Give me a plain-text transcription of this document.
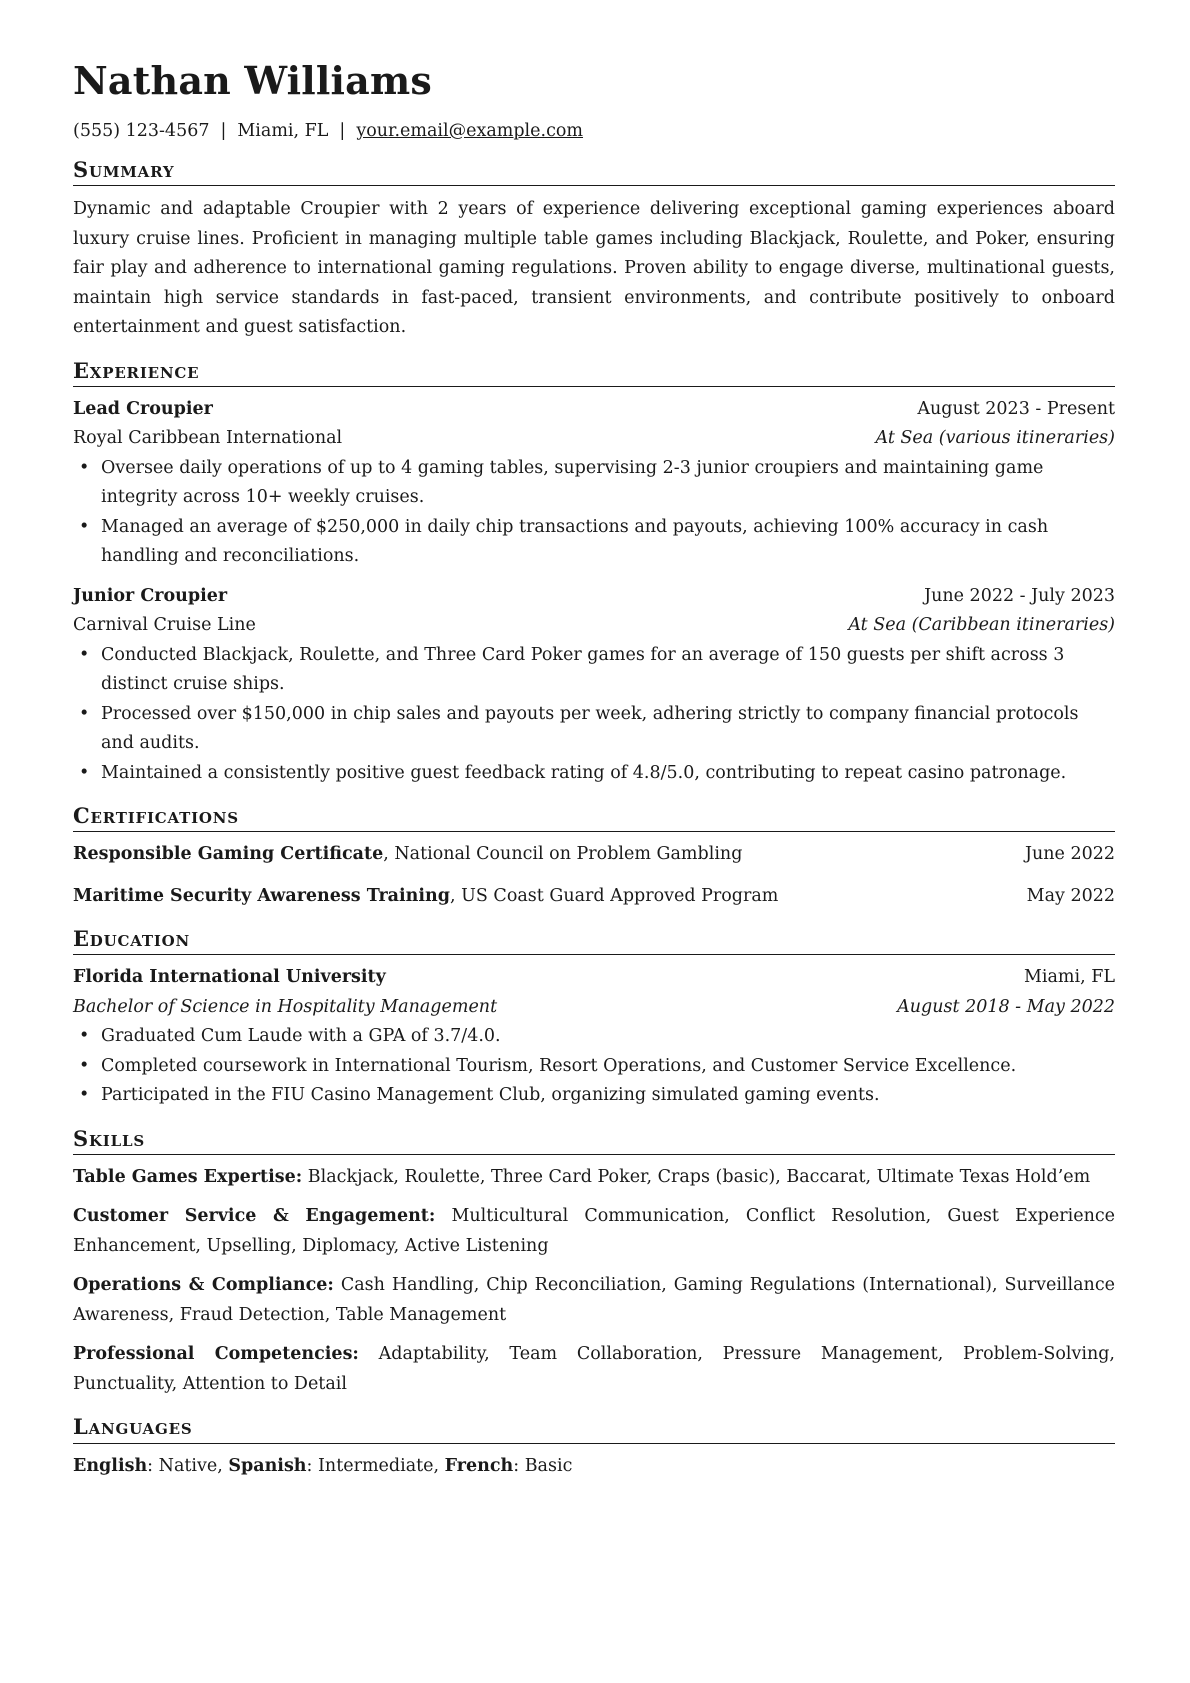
Nathan Williams
(555) 123-4567 | Miami, FL | your.email@example.com
Summary
Dynamic and adaptable Croupier with 2 years of experience delivering exceptional gaming experiences aboard luxury cruise lines. Proficient in managing multiple table games including Blackjack, Roulette, and Poker, ensuring fair play and adherence to international gaming regulations. Proven ability to engage diverse, multinational guests, maintain high service standards in fast-paced, transient environments, and contribute positively to onboard entertainment and guest satisfaction.
Experience
Lead Croupier	August 2023 - Present
Royal Caribbean International	At Sea (various itineraries)
• Oversee daily operations of up to 4 gaming tables, supervising 2-3 junior croupiers and maintaining game integrity across 10+ weekly cruises.
• Managed an average of $250,000 in daily chip transactions and payouts, achieving 100% accuracy in cash handling and reconciliations.
Junior Croupier	June 2022 - July 2023
Carnival Cruise Line	At Sea (Caribbean itineraries)
• Conducted Blackjack, Roulette, and Three Card Poker games for an average of 150 guests per shift across 3 distinct cruise ships.
• Processed over $150,000 in chip sales and payouts per week, adhering strictly to company financial protocols and audits.
• Maintained a consistently positive guest feedback rating of 4.8/5.0, contributing to repeat casino patronage.
Certifications
Responsible Gaming Certificate, National Council on Problem Gambling	June 2022
Maritime Security Awareness Training, US Coast Guard Approved Program	May 2022
Education
Florida International University	Miami, FL
Bachelor of Science in Hospitality Management	August 2018 - May 2022
• Graduated Cum Laude with a GPA of 3.7/4.0.
• Completed coursework in International Tourism, Resort Operations, and Customer Service Excellence.
• Participated in the FIU Casino Management Club, organizing simulated gaming events.
Skills
Table Games Expertise: Blackjack, Roulette, Three Card Poker, Craps (basic), Baccarat, Ultimate Texas Hold’em
Customer Service & Engagement: Multicultural Communication, Conflict Resolution, Guest Experience Enhancement, Upselling, Diplomacy, Active Listening
Operations & Compliance: Cash Handling, Chip Reconciliation, Gaming Regulations (International), Surveillance Awareness, Fraud Detection, Table Management
Professional Competencies: Adaptability, Team Collaboration, Pressure Management, Problem-Solving, Punctuality, Attention to Detail
Languages
English: Native, Spanish: Intermediate, French: Basic
